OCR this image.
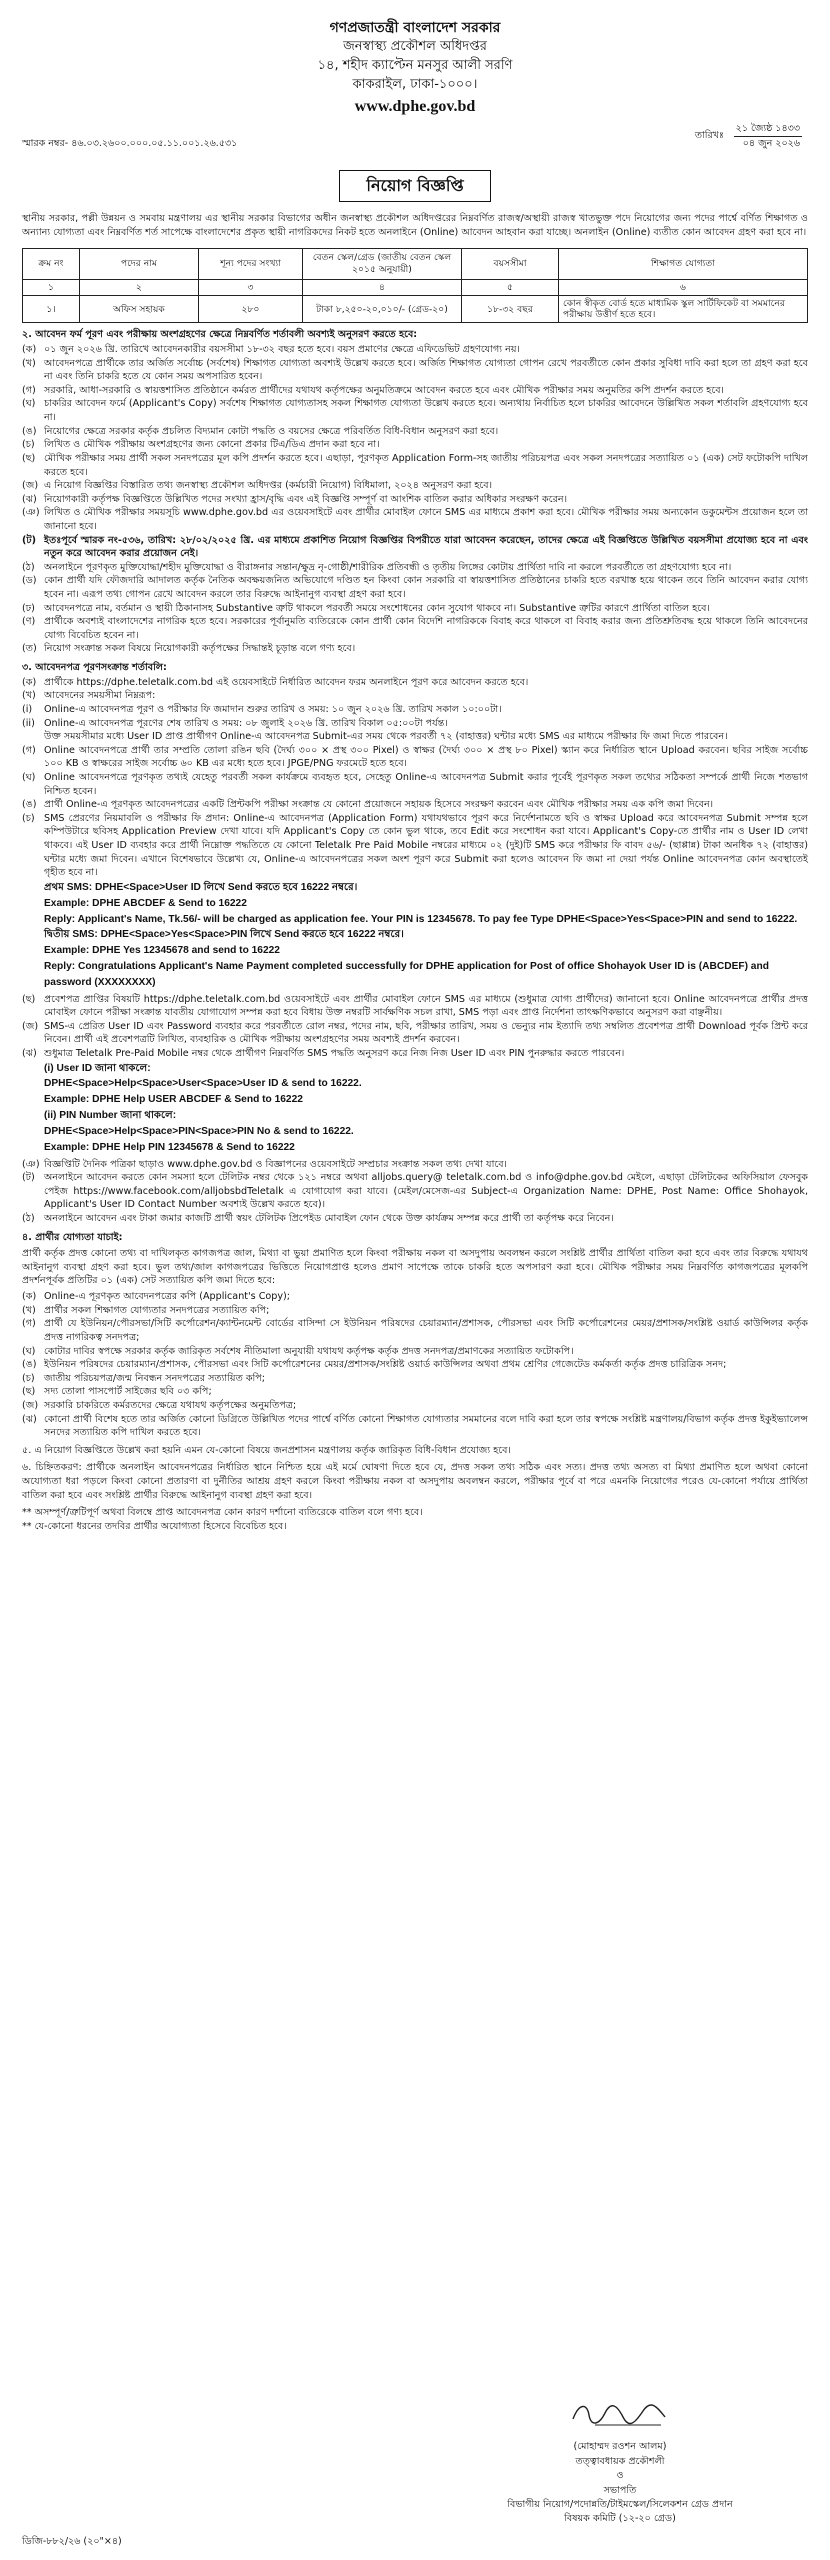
গণপ্রজাতন্ত্রী বাংলাদেশ সরকার
জনস্বাস্থ্য প্রকৌশল অধিদপ্তর
১৪, শহীদ ক্যাপ্টেন মনসুর আলী সরণি
কাকরাইল, ঢাকা-১০০০।
www.dphe.gov.bd
স্মারক নম্বর- ৪৬.০৩.২৬০০.০০০.০৫.১১.০০১.২৬.৫৩১
তারিখঃ
২১ জ্যৈষ্ঠ ১৪৩৩
০৪ জুন ২০২৬
নিয়োগ বিজ্ঞপ্তি
স্থানীয় সরকার, পল্লী উন্নয়ন ও সমবায় মন্ত্রণালয় এর স্থানীয় সরকার বিভাগের অধীন জনস্বাস্থ্য প্রকৌশল অধিদপ্তরের নিম্নবর্ণিত রাজস্ব/অস্থায়ী রাজস্ব খাতভুক্ত পদে নিয়োগের জন্য পদের পার্শ্বে বর্ণিত শিক্ষাগত ও অন্যান্য যোগ্যতা এবং নিম্নবর্ণিত শর্ত সাপেক্ষে বাংলাদেশের প্রকৃত স্থায়ী নাগরিকদের নিকট হতে অনলাইনে (Online) আবেদন আহবান করা যাচ্ছে। অনলাইন (Online) ব্যতীত কোন আবেদন গ্রহণ করা হবে না।
ক্রম নং	পদের নাম	শূন্য পদের সংখ্যা	বেতন স্কেল/গ্রেড (জাতীয় বেতন স্কেল ২০১৫ অনুযায়ী)	বয়সসীমা	শিক্ষাগত যোগ্যতা
১	২	৩	৪	৫	৬
১।	অফিস সহায়ক	২৮০	টাকা ৮,২৫০-২০,০১০/- (গ্রেড-২০)	১৮-৩২ বছর	কোন স্বীকৃত বোর্ড হতে মাধ্যমিক স্কুল সার্টিফিকেট বা সমমানের পরীক্ষায় উত্তীর্ণ হতে হবে।
২. আবেদন ফর্ম পূরণ এবং পরীক্ষায় অংশগ্রহণের ক্ষেত্রে নিম্নবর্ণিত শর্তাবলী অবশ্যই অনুসরণ করতে হবে:
(ক) ০১ জুন ২০২৬ খ্রি. তারিখে আবেদনকারীর বয়সসীমা ১৮-৩২ বছর হতে হবে। বয়স প্রমাণের ক্ষেত্রে এফিডেভিট গ্রহণযোগ্য নয়।
(খ) আবেদনপত্রে প্রার্থীকে তার অর্জিত সর্বোচ্চ (সর্বশেষ) শিক্ষাগত যোগ্যতা অবশ্যই উল্লেখ করতে হবে। অর্জিত শিক্ষাগত যোগ্যতা গোপন রেখে পরবর্তীতে কোন প্রকার সুবিধা দাবি করা হলে তা গ্রহণ করা হবে না এবং তিনি চাকরি হতে যে কোন সময় অপসারিত হবেন।
(গ) সরকারি, আধা-সরকারি ও স্বায়ত্তশাসিত প্রতিষ্ঠানে কর্মরত প্রার্থীদের যথাযথ কর্তৃপক্ষের অনুমতিক্রমে আবেদন করতে হবে এবং মৌখিক পরীক্ষার সময় অনুমতির কপি প্রদর্শন করতে হবে।
(ঘ) চাকরির আবেদন ফর্মে (Applicant's Copy) সর্বশেষ শিক্ষাগত যোগ্যতাসহ সকল শিক্ষাগত যোগ্যতা উল্লেখ করতে হবে। অন্যথায় নির্বাচিত হলে চাকরির আবেদনে উল্লিখিত সকল শর্তাবলি গ্রহণযোগ্য হবে না।
(ঙ) নিয়োগের ক্ষেত্রে সরকার কর্তৃক প্রচলিত বিদ্যমান কোটা পদ্ধতি ও বয়সের ক্ষেত্রে পরিবর্তিত বিধি-বিধান অনুসরণ করা হবে।
(চ) লিখিত ও মৌখিক পরীক্ষায় অংশগ্রহণের জন্য কোনো প্রকার টিএ/ডিএ প্রদান করা হবে না।
(ছ) মৌখিক পরীক্ষার সময় প্রার্থী সকল সনদপত্রের মূল কপি প্রদর্শন করতে হবে। এছাড়া, পূরণকৃত Application Form-সহ জাতীয় পরিচয়পত্র এবং সকল সনদপত্রের সত্যায়িত ০১ (এক) সেট ফটোকপি দাখিল করতে হবে।
(জ) এ নিয়োগ বিজ্ঞপ্তির বিস্তারিত তথ্য জনস্বাস্থ্য প্রকৌশল অধিদপ্তর (কর্মচারী নিয়োগ) বিধিমালা, ২০২৪ অনুসরণ করা হবে।
(ঝ) নিয়োগকারী কর্তৃপক্ষ বিজ্ঞপ্তিতে উল্লিখিত পদের সংখ্যা হ্রাস/বৃদ্ধি এবং এই বিজ্ঞপ্তি সম্পূর্ণ বা আংশিক বাতিল করার অধিকার সংরক্ষণ করেন।
(ঞ) লিখিত ও মৌখিক পরীক্ষার সময়সূচি www.dphe.gov.bd এর ওয়েবসাইটে এবং প্রার্থীর মোবাইল ফোনে SMS এর মাধ্যমে প্রকাশ করা হবে। মৌখিক পরীক্ষার সময় অন্যকোন ডকুমেন্টস প্রয়োজন হলে তা জানানো হবে।
(ট) ইতঃপূর্বে স্মারক নং-৫৩৬, তারিখ: ২৮/০২/২০২৫ খ্রি. এর মাধ্যমে প্রকাশিত নিয়োগ বিজ্ঞপ্তির বিপরীতে যারা আবেদন করেছেন, তাদের ক্ষেত্রে এই বিজ্ঞপ্তিতে উল্লিখিত বয়সসীমা প্রযোজ্য হবে না এবং নতুন করে আবেদন করার প্রয়োজন নেই।
(ঠ) অনলাইনে পূরণকৃত মুক্তিযোদ্ধা/শহীদ মুক্তিযোদ্ধা ও বীরাঙ্গনার সন্তান/ক্ষুদ্র নৃ-গোষ্ঠী/শারীরিক প্রতিবন্ধী ও তৃতীয় লিঙ্গের কোটায় প্রার্থিতা দাবি না করলে পরবর্তীতে তা গ্রহণযোগ্য হবে না।
(ড) কোন প্রার্থী যদি ফৌজদারি আদালত কর্তৃক নৈতিক অবক্ষয়জনিত অভিযোগে দণ্ডিত হন কিংবা কোন সরকারি বা স্বায়ত্তশাসিত প্রতিষ্ঠানের চাকরি হতে বরখাস্ত হয়ে থাকেন তবে তিনি আবেদন করার যোগ্য হবেন না। এরূপ তথ্য গোপন রেখে আবেদন করলে তার বিরুদ্ধে আইনানুগ ব্যবস্থা গ্রহণ করা হবে।
(ঢ) আবেদনপত্রে নাম, বর্তমান ও স্থায়ী ঠিকানাসহ Substantive ত্রুটি থাকলে পরবর্তী সময়ে সংশোধনের কোন সুযোগ থাকবে না। Substantive ত্রুটির কারণে প্রার্থিতা বাতিল হবে।
(ণ) প্রার্থীকে অবশ্যই বাংলাদেশের নাগরিক হতে হবে। সরকারের পূর্বানুমতি ব্যতিরেকে কোন প্রার্থী কোন বিদেশি নাগরিককে বিবাহ করে থাকলে বা বিবাহ করার জন্য প্রতিশ্রুতিবদ্ধ হয়ে থাকলে তিনি আবেদনের যোগ্য বিবেচিত হবেন না।
(ত) নিয়োগ সংক্রান্ত সকল বিষয়ে নিয়োগকারী কর্তৃপক্ষের সিদ্ধান্তই চূড়ান্ত বলে গণ্য হবে।
৩. আবেদনপত্র পূরণসংক্রান্ত শর্তাবলি:
(ক) প্রার্থীকে https://dphe.teletalk.com.bd এই ওয়েবসাইটে নির্ধারিত আবেদন ফরম অনলাইনে পূরণ করে আবেদন করতে হবে।
(খ) আবেদনের সময়সীমা নিম্নরূপ:
(i)	Online-এ আবেদনপত্র পূরণ ও পরীক্ষার ফি জমাদান শুরুর তারিখ ও সময়: ১০ জুন ২০২৬ খ্রি. তারিখ সকাল ১০:০০টা।
(ii) Online-এ আবেদনপত্র পূরণের শেষ তারিখ ও সময়: ০৮ জুলাই ২০২৬ খ্রি. তারিখ বিকাল ০৫:০০টা পর্যন্ত।
উক্ত সময়সীমার মধ্যে User ID প্রাপ্ত প্রার্থীগণ Online-এ আবেদনপত্র Submit-এর সময় থেকে পরবর্তী ৭২ (বাহাত্তর) ঘন্টার মধ্যে SMS এর মাধ্যমে পরীক্ষার ফি জমা দিতে পারবেন।
(গ) Online আবেদনপত্রে প্রার্থী তার সম্প্রতি তোলা রঙিন ছবি (দৈর্ঘ্য ৩০০ × প্রস্থ ৩০০ Pixel) ও স্বাক্ষর (দৈর্ঘ্য ৩০০ × প্রস্থ ৮০ Pixel) স্ক্যান করে নির্ধারিত স্থানে Upload করবেন। ছবির সাইজ সর্বোচ্চ ১০০ KB ও স্বাক্ষরের সাইজ সর্বোচ্চ ৬০ KB এর মধ্যে হতে হবে। JPGE/PNG ফরমেটে হতে হবে।
(ঘ) Online আবেদনপত্রে পূরণকৃত তথ্যই যেহেতু পরবর্তী সকল কার্যক্রমে ব্যবহৃত হবে, সেহেতু Online-এ আবেদনপত্র Submit করার পূর্বেই পূরণকৃত সকল তথ্যের সঠিকতা সম্পর্কে প্রার্থী নিজে শতভাগ নিশ্চিত হবেন।
(ঙ) প্রার্থী Online-এ পূরণকৃত আবেদনপত্রের একটি প্রিন্টকপি পরীক্ষা সংক্রান্ত যে কোনো প্রয়োজনে সহায়ক হিসেবে সংরক্ষণ করবেন এবং মৌখিক পরীক্ষার সময় এক কপি জমা দিবেন।
(চ) SMS প্রেরণের নিয়মাবলি ও পরীক্ষার ফি প্রদান: Online-এ আবেদনপত্র (Application Form) যথাযথভাবে পূরণ করে নির্দেশনামতে ছবি ও স্বাক্ষর Upload করে আবেদনপত্র Submit সম্পন্ন হলে কম্পিউটারে ছবিসহ Application Preview দেখা যাবে। যদি Applicant's Copy তে কোন ভুল থাকে, তবে Edit করে সংশোধন করা যাবে। Applicant's Copy-তে প্রার্থীর নাম ও User ID লেখা থাকবে। এই User ID ব্যবহার করে প্রার্থী নিম্নোক্ত পদ্ধতিতে যে কোনো Teletalk Pre Paid Mobile নম্বরের মাধ্যমে ০২ (দুই)টি SMS করে পরীক্ষার ফি বাবদ ৫৬/- (ছাপ্পান্ন) টাকা অনধিক ৭২ (বাহাত্তর) ঘন্টার মধ্যে জমা দিবেন। এখানে বিশেষভাবে উল্লেখ্য যে, Online-এ আবেদনপত্রের সকল অংশ পূরণ করে Submit করা হলেও আবেদন ফি জমা না দেয়া পর্যন্ত Online আবেদনপত্র কোন অবস্থাতেই গৃহীত হবে না।
প্রথম SMS: DPHE<Space>User ID লিখে Send করতে হবে 16222 নম্বরে।
Example: DPHE ABCDEF & Send to 16222
Reply: Applicant's Name, Tk.56/- will be charged as application fee. Your PIN is 12345678. To pay fee Type DPHE<Space>Yes<Space>PIN and send to 16222.
দ্বিতীয় SMS: DPHE<Space>Yes<Space>PIN লিখে Send করতে হবে 16222 নম্বরে।
Example: DPHE Yes 12345678 and send to 16222
Reply: Congratulations Applicant's Name Payment completed successfully for DPHE application for Post of office Shohayok User ID is (ABCDEF) and password (XXXXXXXX)
(ছ) প্রবেশপত্র প্রাপ্তির বিষয়টি https://dphe.teletalk.com.bd ওয়েবসাইটে এবং প্রার্থীর মোবাইল ফোনে SMS এর মাধ্যমে (শুধুমাত্র যোগ্য প্রার্থীদের) জানানো হবে। Online আবেদনপত্রে প্রার্থীর প্রদত্ত মোবাইল ফোনে পরীক্ষা সংক্রান্ত যাবতীয় যোগাযোগ সম্পন্ন করা হবে বিধায় উক্ত নম্বরটি সার্বক্ষণিক সচল রাখা, SMS পড়া এবং প্রাপ্ত নির্দেশনা তাৎক্ষণিকভাবে অনুসরণ করা বাঞ্ছনীয়।
(জ) SMS-এ প্রেরিত User ID এবং Password ব্যবহার করে পরবর্তীতে রোল নম্বর, পদের নাম, ছবি, পরীক্ষার তারিখ, সময় ও ভেন্যুর নাম ইত্যাদি তথ্য সম্বলিত প্রবেশপত্র প্রার্থী Download পূর্বক প্রিন্ট করে নিবেন। প্রার্থী এই প্রবেশপত্রটি লিখিত, ব্যবহারিক ও মৌখিক পরীক্ষায় অংশগ্রহণের সময় অবশ্যই প্রদর্শন করবেন।
(ঝ) শুধুমাত্র Teletalk Pre-Paid Mobile নম্বর থেকে প্রার্থীগণ নিম্নবর্ণিত SMS পদ্ধতি অনুসরণ করে নিজ নিজ User ID এবং PIN পুনরুদ্ধার করতে পারবেন।
(i) User ID জানা থাকলে:
DPHE<Space>Help<Space>User<Space>User ID & send to 16222.
Example: DPHE Help USER ABCDEF & Send to 16222
(ii) PIN Number জানা থাকলে:
DPHE<Space>Help<Space>PIN<Space>PIN No & send to 16222.
Example: DPHE Help PIN 12345678 & Send to 16222
(ঞ) বিজ্ঞপ্তিটি দৈনিক পত্রিকা ছাড়াও www.dphe.gov.bd ও বিজ্ঞাপনের ওয়েবসাইটে সম্প্রচার সংক্রান্ত সকল তথ্য দেখা যাবে।
(ট) অনলাইনে আবেদন করতে কোন সমস্যা হলে টেলিটক নম্বর থেকে ১২১ নম্বরে অথবা alljobs.query@ teletalk.com.bd ও info@dphe.gov.bd মেইলে, এছাড়া টেলিটকের অফিসিয়াল ফেসবুক পেইজ https://www.facebook.com/alljobsbdTeletalk এ যোগাযোগ করা যাবে। (মেইল/মেসেজ-এর Subject-এ Organization Name: DPHE, Post Name: Office Shohayok, Applicant's User ID Contact Number অবশ্যই উল্লেখ করতে হবে)।
(ঠ) অনলাইনে আবেদন এবং টাকা জমার কাজটি প্রার্থী স্বয়ং টেলিটক প্রিপেইড মোবাইল ফোন থেকে উক্ত কার্যক্রম সম্পন্ন করে প্রার্থী তা কর্তৃপক্ষ করে নিবেন।
৪. প্রার্থীর যোগ্যতা যাচাই:
প্রার্থী কর্তৃক প্রদত্ত কোনো তথ্য বা দাখিলকৃত কাগজপত্র জাল, মিথ্যা বা ভুয়া প্রমাণিত হলে কিংবা পরীক্ষায় নকল বা অসদুপায় অবলম্বন করলে সংশ্লিষ্ট প্রার্থীর প্রার্থিতা বাতিল করা হবে এবং তার বিরুদ্ধে যথাযথ আইনানুগ ব্যবস্থা গ্রহণ করা হবে। ভুল তথ্য/জাল কাগজপত্রের ভিত্তিতে নিয়োগপ্রাপ্ত হলেও প্রমাণ সাপেক্ষে তাকে চাকরি হতে অপসারণ করা হবে। মৌখিক পরীক্ষার সময় নিম্নবর্ণিত কাগজপত্রের মূলকপি প্রদর্শনপূর্বক প্রতিটির ০১ (এক) সেট সত্যায়িত কপি জমা দিতে হবে:
(ক) Online-এ পূরণকৃত আবেদনপত্রের কপি (Applicant's Copy);
(খ) প্রার্থীর সকল শিক্ষাগত যোগ্যতার সনদপত্রের সত্যায়িত কপি;
(গ) প্রার্থী যে ইউনিয়ন/পৌরসভা/সিটি কর্পোরেশন/ক্যান্টনমেন্ট বোর্ডের বাসিন্দা সে ইউনিয়ন পরিষদের চেয়ারম্যান/প্রশাসক, পৌরসভা এবং সিটি কর্পোরেশনের মেয়র/প্রশাসক/সংশ্লিষ্ট ওয়ার্ড কাউন্সিলর কর্তৃক প্রদত্ত নাগরিকত্ব সনদপত্র;
(ঘ) কোটার দাবির স্বপক্ষে সরকার কর্তৃক জারিকৃত সর্বশেষ নীতিমালা অনুযায়ী যথাযথ কর্তৃপক্ষ কর্তৃক প্রদত্ত সনদপত্র/প্রমাণকের সত্যায়িত ফটোকপি।
(ঙ) ইউনিয়ন পরিষদের চেয়ারম্যান/প্রশাসক, পৌরসভা এবং সিটি কর্পোরেশনের মেয়র/প্রশাসক/সংশ্লিষ্ট ওয়ার্ড কাউন্সিলর অথবা প্রথম শ্রেণির গেজেটেড কর্মকর্তা কর্তৃক প্রদত্ত চারিত্রিক সনদ;
(চ) জাতীয় পরিচয়পত্র/জন্ম নিবন্ধন সনদপত্রের সত্যায়িত কপি;
(ছ) সদ্য তোলা পাসপোর্ট সাইজের ছবি ০৩ কপি;
(জ) সরকারি চাকরিতে কর্মরতদের ক্ষেত্রে যথাযথ কর্তৃপক্ষের অনুমতিপত্র;
(ঝ) কোনো প্রার্থী বিশেষ হতে তার অর্জিত কোনো ডিগ্রিতে উল্লিখিত পদের পার্শ্বে বর্ণিত কোনো শিক্ষাগত যোগ্যতার সমমানের বলে দাবি করা হলে তার স্বপক্ষে সংশ্লিষ্ট মন্ত্রণালয়/বিভাগ কর্তৃক প্রদত্ত ইকুইভ্যালেন্স সনদের সত্যায়িত কপি দাখিল করতে হবে।
৫. এ নিয়োগ বিজ্ঞপ্তিতে উল্লেখ করা হয়নি এমন যে-কোনো বিষয়ে জনপ্রশাসন মন্ত্রণালয় কর্তৃক জারিকৃত বিধি-বিধান প্রযোজ্য হবে।
৬. চিহ্নিতকরণ: প্রার্থীকে অনলাইন আবেদনপত্রের নির্ধারিত স্থানে নিশ্চিত হয়ে এই মর্মে ঘোষণা দিতে হবে যে, প্রদত্ত সকল তথ্য সঠিক এবং সত্য। প্রদত্ত তথ্য অসত্য বা মিথ্যা প্রমাণিত হলে অথবা কোনো অযোগ্যতা ধরা পড়লে কিংবা কোনো প্রতারণা বা দুর্নীতির আশ্রয় গ্রহণ করলে কিংবা পরীক্ষায় নকল বা অসদুপায় অবলম্বন করলে, পরীক্ষার পূর্বে বা পরে এমনকি নিয়োগের পরেও যে-কোনো পর্যায়ে প্রার্থিতা বাতিল করা হবে এবং সংশ্লিষ্ট প্রার্থীর বিরুদ্ধে আইনানুগ ব্যবস্থা গ্রহণ করা হবে।
** অসম্পূর্ণ/ত্রুটিপূর্ণ অথবা বিলম্বে প্রাপ্ত আবেদনপত্র কোন কারণ দর্শানো ব্যতিরেকে বাতিল বলে গণ্য হবে।
** যে-কোনো ধরনের তদবির প্রার্থীর অযোগ্যতা হিসেবে বিবেচিত হবে।
(মোহাম্মদ রওশন আলম)
তত্ত্বাবধায়ক প্রকৌশলী
ও
সভাপতি
বিভাগীয় নিয়োগ/পদোন্নতি/টাইমস্কেল/সিলেকশন গ্রেড প্রদান
বিষয়ক কমিটি (১২-২০ গ্রেড)
ডিজি-৮৮২/২৬ (২০"×৪)
